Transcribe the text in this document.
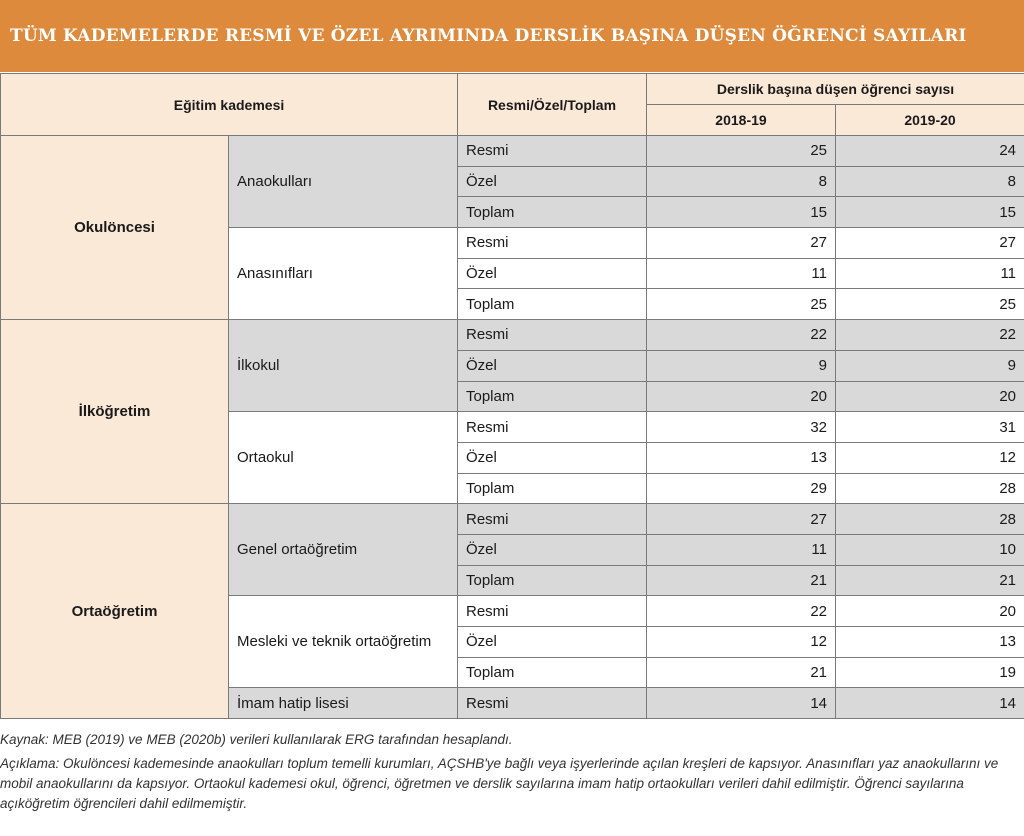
TÜM KADEMELERDE RESMİ VE ÖZEL AYRIMINDA DERSLİK BAŞINA DÜŞEN ÖĞRENCİ SAYILARI
Eğitim kademesi		Resmi/Özel/Toplam	Derslik başına düşen öğrenci sayısı	
			2018-19	2019-20
Okulöncesi	Anaokulları	Resmi	25	24
		Özel	8	8
		Toplam	15	15
	Anasınıfları	Resmi	27	27
		Özel	11	11
		Toplam	25	25
İlköğretim	İlkokul	Resmi	22	22
		Özel	9	9
		Toplam	20	20
	Ortaokul	Resmi	32	31
		Özel	13	12
		Toplam	29	28
Ortaöğretim	Genel ortaöğretim	Resmi	27	28
		Özel	11	10
		Toplam	21	21
	Mesleki ve teknik ortaöğretim	Resmi	22	20
		Özel	12	13
		Toplam	21	19
	İmam hatip lisesi	Resmi	14	14

Kaynak: MEB (2019) ve MEB (2020b) verileri kullanılarak ERG tarafından hesaplandı.

Açıklama: Okulöncesi kademesinde anaokulları toplum temelli kurumları, AÇSHB'ye bağlı veya işyerlerinde açılan kreşleri de kapsıyor. Anasınıfları yaz anaokullarını ve mobil anaokullarını da kapsıyor. Ortaokul kademesi okul, öğrenci, öğretmen ve derslik sayılarına imam hatip ortaokulları verileri dahil edilmiştir. Öğrenci sayılarına açıköğretim öğrencileri dahil edilmemiştir.
